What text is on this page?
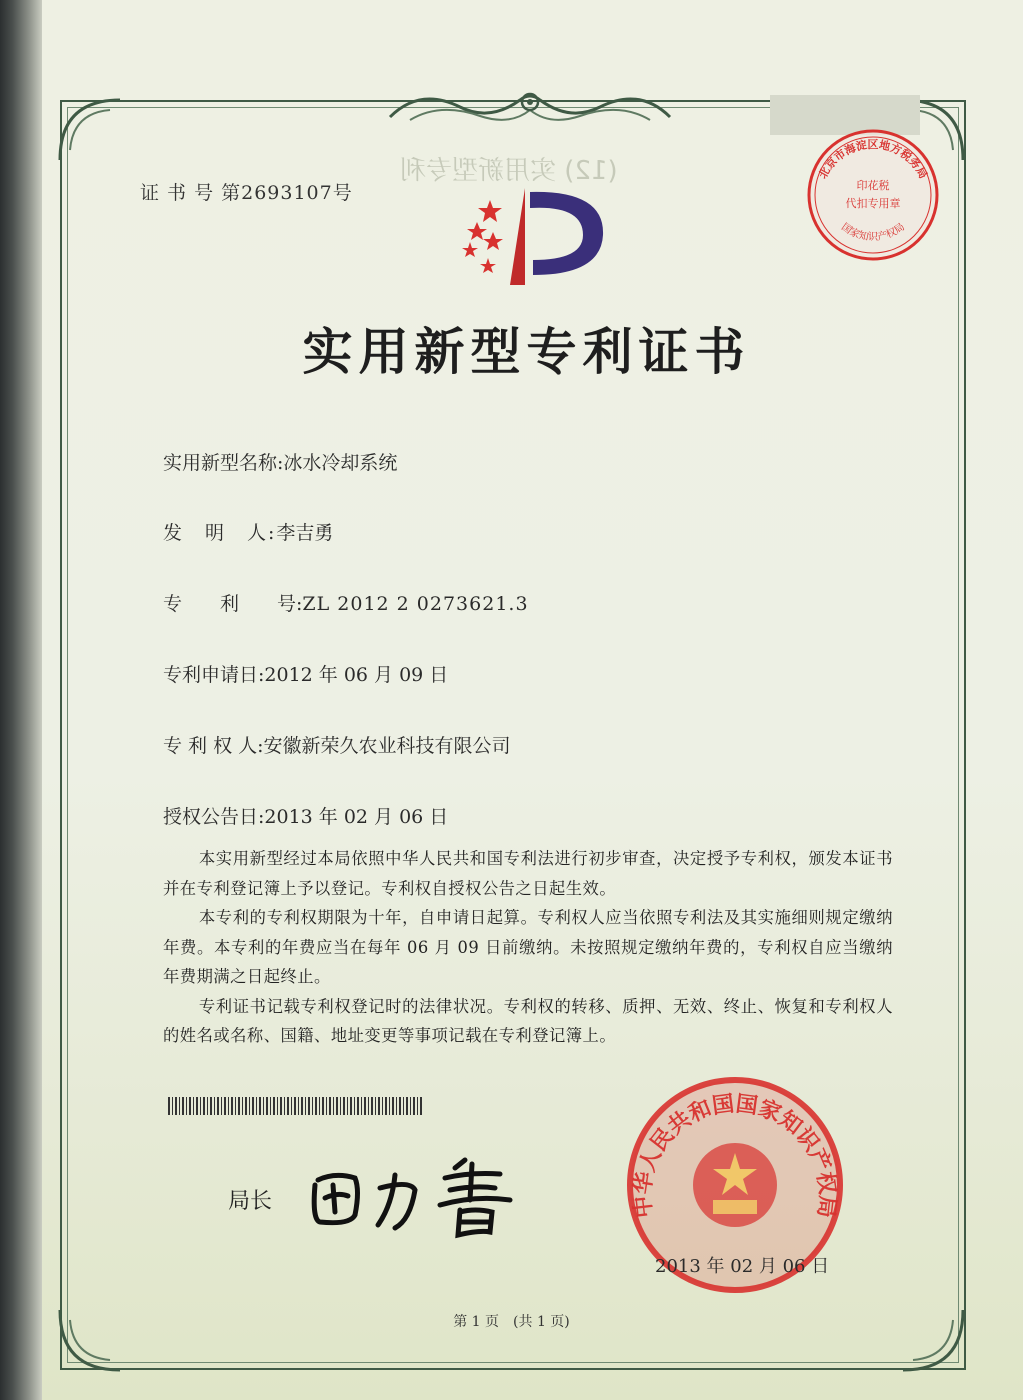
(12) 实用新型专利
证 书 号 第2693107号
实用新型专利证书
实用新型名称:冰水冷却系统
发　明　人:李吉勇
专　　利　　号:ZL 2012 2 0273621.3
专利申请日:2012 年 06 月 09 日
专 利 权 人:安徽新荣久农业科技有限公司
授权公告日:2013 年 02 月 06 日

本实用新型经过本局依照中华人民共和国专利法进行初步审查，决定授予专利权，颁发本证书并在专利登记簿上予以登记。专利权自授权公告之日起生效。

本专利的专利权期限为十年，自申请日起算。专利权人应当依照专利法及其实施细则规定缴纳年费。本专利的年费应当在每年 06 月 09 日前缴纳。未按照规定缴纳年费的，专利权自应当缴纳年费期满之日起终止。

专利证书记载专利权登记时的法律状况。专利权的转移、质押、无效、终止、恢复和专利权人的姓名或名称、国籍、地址变更等事项记载在专利登记簿上。

局长	中华人民共和国国家知识产权局
2013 年 02 月 06 日
北京市海淀区地方税务局
印花税
代扣专用章
国家知识产权局
第 1 页　(共 1 页)
